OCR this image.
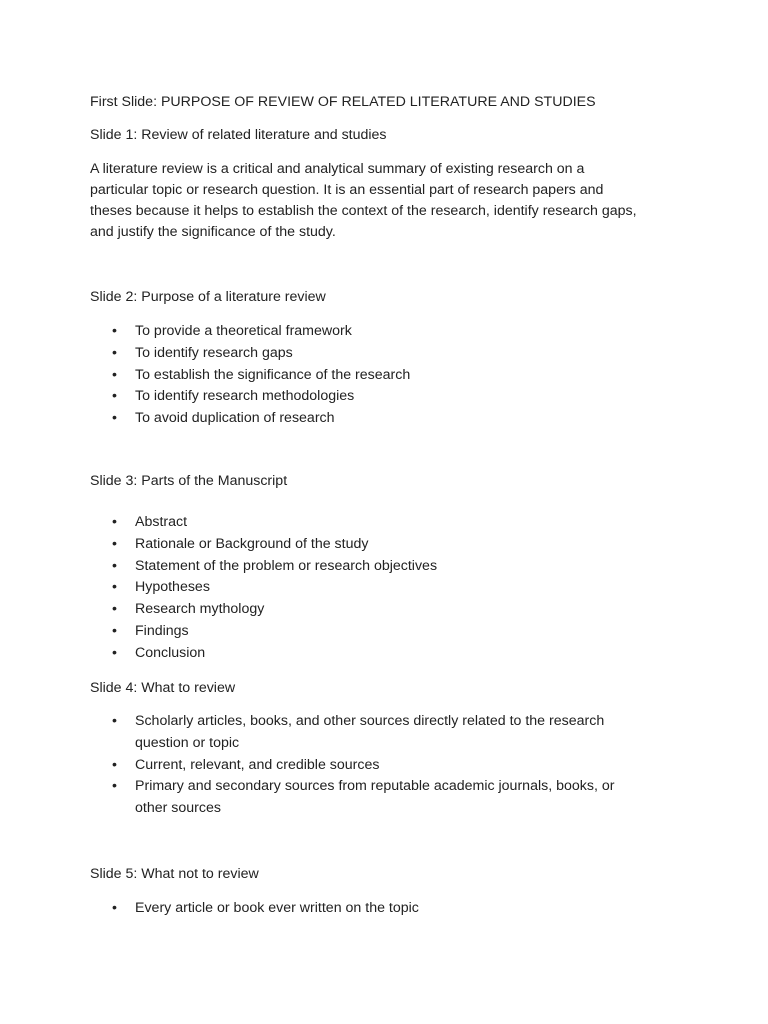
First Slide: PURPOSE OF REVIEW OF RELATED LITERATURE AND STUDIES

Slide 1: Review of related literature and studies

A literature review is a critical and analytical summary of existing research on a
particular topic or research question. It is an essential part of research papers and
theses because it helps to establish the context of the research, identify research gaps,
and justify the significance of the study.

Slide 2: Purpose of a literature review

• To provide a theoretical framework
• To identify research gaps
• To establish the significance of the research
• To identify research methodologies
• To avoid duplication of research

Slide 3: Parts of the Manuscript

• Abstract
• Rationale or Background of the study
• Statement of the problem or research objectives
• Hypotheses
• Research mythology
• Findings
• Conclusion

Slide 4: What to review

• Scholarly articles, books, and other sources directly related to the research
question or topic
• Current, relevant, and credible sources
• Primary and secondary sources from reputable academic journals, books, or
other sources

Slide 5: What not to review

• Every article or book ever written on the topic
